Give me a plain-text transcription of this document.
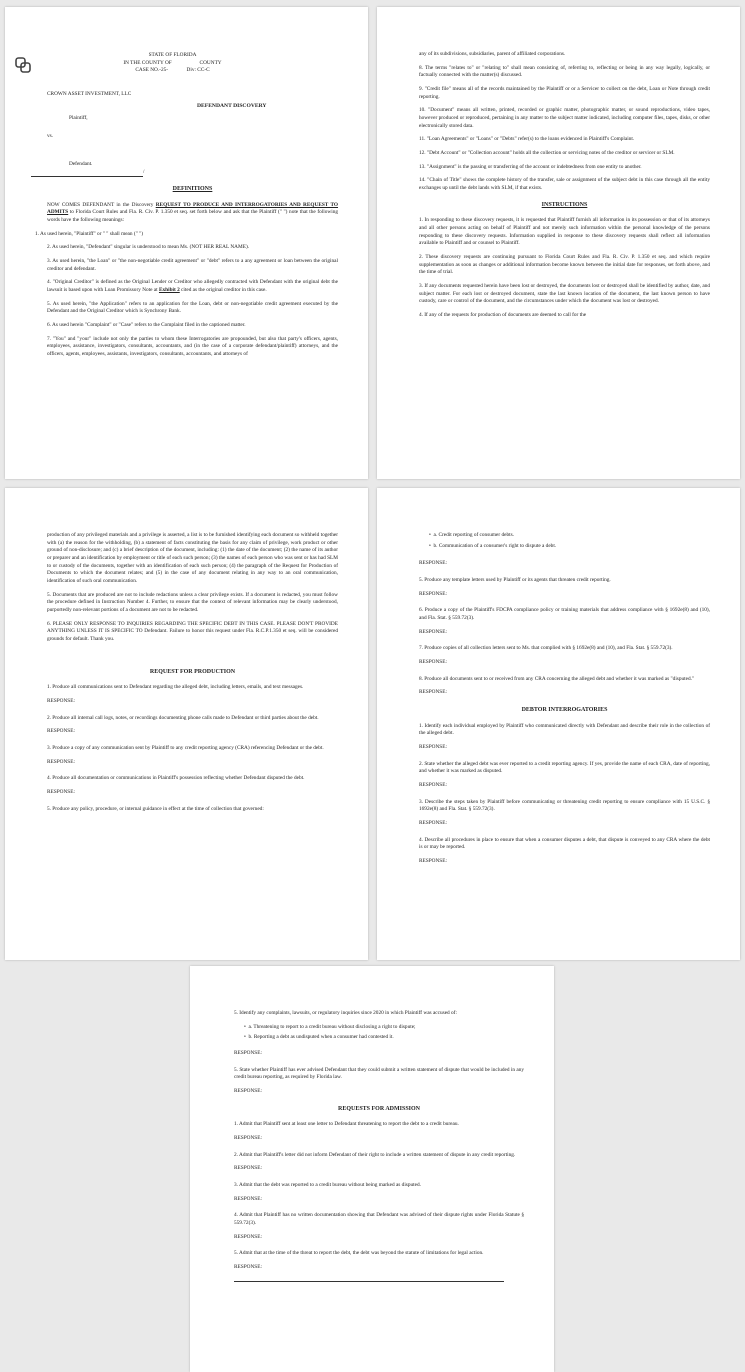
STATE OF FLORIDA
IN THE COUNTY OF                     COUNTY
CASE NO.-25-              Div: CC-C
CROWN ASSET INVESTMENT, LLC
DEFENDANT DISCOVERY
Plaintiff,
vs.
Defendant.
/
DEFINITIONS
NOW COMES DEFENDANT in the Discovery REQUEST TO PRODUCE AND INTERROGATORIES AND REQUEST TO ADMITS to Florida Court Rules and Fla. R. Civ. P. 1.350 et seq. set forth below and ask that the Plaintiff (" ") note that the following words have the following meanings:
1. As used herein, "Plaintiff" or " " shall mean (" ")
2. As used herein, "Defendant" singular is understood to mean Ms. (NOT HER REAL NAME).
3. As used herein, "the Loan" or "the non-negotiable credit agreement" or "debt" refers to a any agreement or loan between the original creditor and defendant.
4. "Original Creditor" is defined as the Original Lender or Creditor who allegedly contracted with Defendant with the original debt the lawsuit is based upon with Loan Promissory Note at Exhibit 2 cited as the original creditor in this case.
5. As used herein, "the Application" refers to an application for the Loan, debt or non-negotiable credit agreement executed by the Defendant and the Original Creditor which is Synchrony Bank.
6. As used herein "Complaint" or "Case" refers to the Complaint filed in the captioned matter.
7. "You" and "your" include not only the parties to whom these Interrogatories are propounded, but also that party's officers, agents, employees, assistance, investigators, consultants, accountants, and (in the case of a corporate defendant/plaintiff) attorneys, and the officers, agents, employees, assistants, investigators, consultants, accountants, and attorneys of
any of its subdivisions, subsidiaries, parent of affiliated corporations.
8. The terms "relates to" or "relating to" shall mean consisting of, referring to, reflecting or being in any way legally, logically, or factually connected with the matter(s) discussed.
9. "Credit file" means all of the records maintained by the Plaintiff or or a Servicer to collect on the debt, Loan or Note through credit reporting.
10. "Document" means all written, printed, recorded or graphic matter, photographic matter, or sound reproductions, video tapes, however produced or reproduced, pertaining in any matter to the subject matter indicated, including computer files, tapes, disks, or other electronically stored data.
11. "Loan Agreements" or "Loans" or "Debts" refer(s) to the loans evidenced in Plaintiff's Complaint.
12. "Debt Account" or "Collection account" holds all the collection or servicing notes of the creditor or servicer or SLM.
13. "Assignment" is the passing or transferring of the account or indebtedness from one entity to another.
14. "Chain of Title" shows the complete history of the transfer, sale or assignment of the subject debt in this case through all the entity exchanges up until the debt lands with SLM, if that exists.
INSTRUCTIONS
1. In responding to these discovery requests, it is requested that Plaintiff furnish all information in its possession or that of its attorneys and all other persons acting on behalf of Plaintiff and not merely such information within the personal knowledge of the persons responding to these discovery requests. Information supplied in response to these discovery requests shall reflect all information available to Plaintiff and or counsel to Plaintiff.
2. These discovery requests are continuing pursuant to Florida Court Rules and Fla. R. Civ. P. 1.350 et seq. and which require supplementation as soon as changes or additional information become known between the initial date for responses, set forth above, and the time of trial.
3. If any documents requested herein have been lost or destroyed, the documents lost or destroyed shall be identified by author, date, and subject matter. For each lost or destroyed document, state the last known location of the document, the last known person to have custody, care or control of the document, and the circumstances under which the document was lost or destroyed.
4. If any of the requests for production of documents are deemed to call for the
production of any privileged materials and a privilege is asserted, a list is to be furnished identifying each document so withheld together with (a) the reason for the withholding, (b) a statement of facts constituting the basis for any claim of privilege, work product or other ground of non-disclosure; and (c) a brief description of the document, including: (1) the date of the document; (2) the name of its author or preparer and an identification by employment or title of each such person; (3) the names of each person who was sent or has had SLM to or custody of the documents, together with an identification of each such person; (4) the paragraph of the Request for Production of Documents to which the document relates; and (5) in the case of any document relating in any way to an oral communication, identification of such oral communication.
5. Documents that are produced are not to include redactions unless a clear privilege exists. If a document is redacted, you must follow the procedure defined in Instruction Number 4. Further, to ensure that the context of relevant information may be clearly understood, purportedly non-relevant portions of a document are not to be redacted.
6. PLEASE ONLY RESPONSE TO INQUIRIES REGARDING THE SPECIFIC DEBT IN THIS CASE. PLEASE DON'T PROVIDE ANYTHING UNLESS IT IS SPECIFIC TO Defendant. Failure to honor this request under Fla. R.C.P.1.350 et seq. will be considered grounds for default. Thank you.
REQUEST FOR PRODUCTION
1. Produce all communications sent to Defendant regarding the alleged debt, including letters, emails, and text messages.
RESPONSE:
2. Produce all internal call logs, notes, or recordings documenting phone calls made to Defendant or third parties about the debt.
RESPONSE:
3. Produce a copy of any communication sent by Plaintiff to any credit reporting agency (CRA) referencing Defendant or the debt.
RESPONSE:
4. Produce all documentation or communications in Plaintiff's possession reflecting whether Defendant disputed the debt.
RESPONSE:
5. Produce any policy, procedure, or internal guidance in effect at the time of collection that governed:
•  a. Credit reporting of consumer debts.
•  b. Communication of a consumer's right to dispute a debt.
RESPONSE:
5. Produce any template letters used by Plaintiff or its agents that threaten credit reporting.
RESPONSE:
6. Produce a copy of the Plaintiff's FDCPA compliance policy or training materials that address compliance with § 1692e(8) and (10), and Fla. Stat. § 559.72(3).
RESPONSE:
7. Produce copies of all collection letters sent to Ms. that complied with § 1692e(8) and (10), and Fla. Stat. § 559.72(3).
RESPONSE:
8. Produce all documents sent to or received from any CRA concerning the alleged debt and whether it was marked as "disputed."
RESPONSE:
DEBTOR INTERROGATORIES
1. Identify each individual employed by Plaintiff who communicated directly with Defendant and describe their role in the collection of the alleged debt.
RESPONSE:
2. State whether the alleged debt was ever reported to a credit reporting agency. If yes, provide the name of each CRA, date of reporting, and whether it was marked as disputed.
RESPONSE:
3. Describe the steps taken by Plaintiff before communicating or threatening credit reporting to ensure compliance with 15 U.S.C. § 1692e(8) and Fla. Stat. § 559.72(3).
RESPONSE:
4. Describe all procedures in place to ensure that when a consumer disputes a debt, that dispute is conveyed to any CRA where the debt is or may be reported.
RESPONSE:
5. Identify any complaints, lawsuits, or regulatory inquiries since 2020 in which Plaintiff was accused of:
•  a. Threatening to report to a credit bureau without disclosing a right to dispute;
•  b. Reporting a debt as undisputed when a consumer had contested it.
RESPONSE:
5. State whether Plaintiff has ever advised Defendant that they could submit a written statement of dispute that would be included in any credit bureau reporting, as required by Florida law.
RESPONSE:
REQUESTS FOR ADMISSION
1. Admit that Plaintiff sent at least one letter to Defendant threatening to report the debt to a credit bureau.
RESPONSE:
2. Admit that Plaintiff's letter did not inform Defendant of their right to include a written statement of dispute in any credit reporting.
RESPONSE:
3. Admit that the debt was reported to a credit bureau without being marked as disputed.
RESPONSE:
4. Admit that Plaintiff has no written documentation showing that Defendant was advised of their dispute rights under Florida Statute § 559.72(3).
RESPONSE:
5. Admit that at the time of the threat to report the debt, the debt was beyond the statute of limitations for legal action.
RESPONSE:
